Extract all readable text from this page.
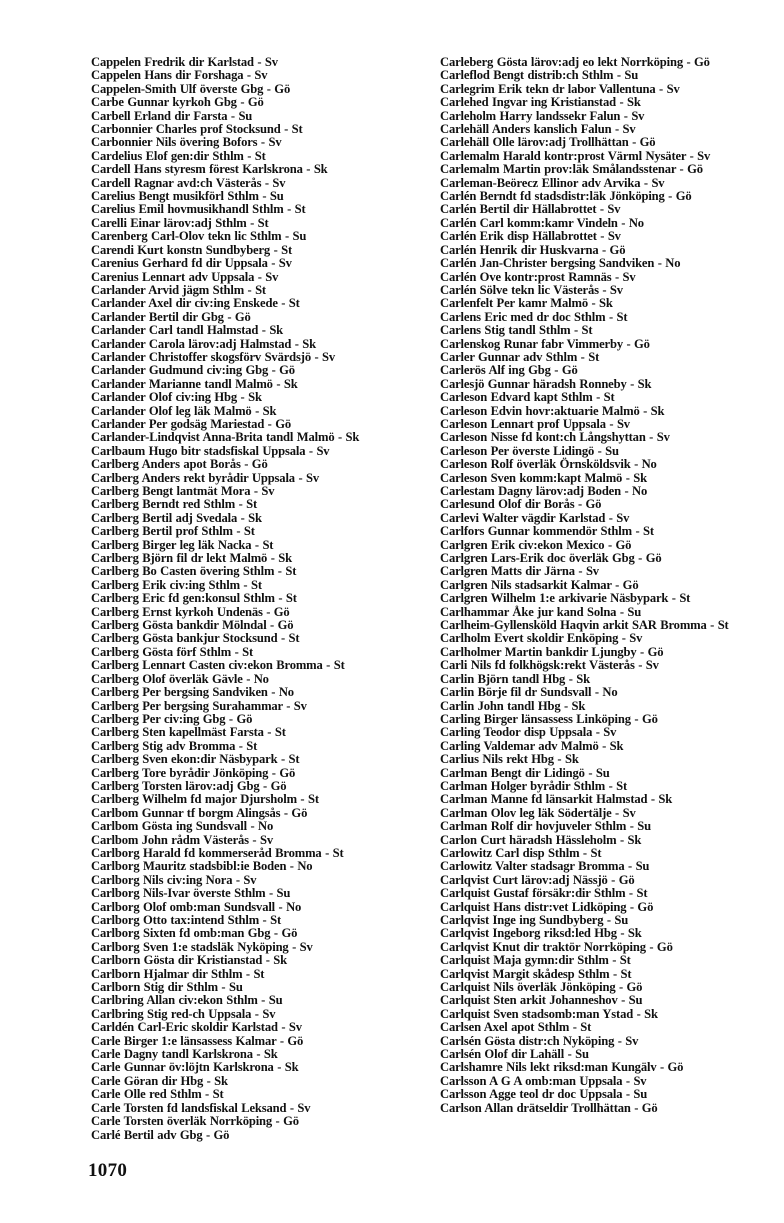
Cappelen Fredrik dir Karlstad - Sv
Cappelen Hans dir Forshaga - Sv
Cappelen-Smith Ulf överste Gbg - Gö
Carbe Gunnar kyrkoh Gbg - Gö
Carbell Erland dir Farsta - Su
Carbonnier Charles prof Stocksund - St
Carbonnier Nils övering Bofors - Sv
Cardelius Elof gen:dir Sthlm - St
Cardell Hans styresm förest Karlskrona - Sk
Cardell Ragnar avd:ch Västerås - Sv
Carelius Bengt musikförl Sthlm - Su
Carelius Emil hovmusikhandl Sthlm - St
Carelli Einar lärov:adj Sthlm - St
Carenberg Carl-Olov tekn lic Sthlm - Su
Carendi Kurt konstn Sundbyberg - St
Carenius Gerhard fd dir Uppsala - Sv
Carenius Lennart adv Uppsala - Sv
Carlander Arvid jägm Sthlm - St
Carlander Axel dir civ:ing Enskede - St
Carlander Bertil dir Gbg - Gö
Carlander Carl tandl Halmstad - Sk
Carlander Carola lärov:adj Halmstad - Sk
Carlander Christoffer skogsförv Svärdsjö - Sv
Carlander Gudmund civ:ing Gbg - Gö
Carlander Marianne tandl Malmö - Sk
Carlander Olof civ:ing Hbg - Sk
Carlander Olof leg läk Malmö - Sk
Carlander Per godsäg Mariestad - Gö
Carlander-Lindqvist Anna-Brita tandl Malmö - Sk
Carlbaum Hugo bitr stadsfiskal Uppsala - Sv
Carlberg Anders apot Borås - Gö
Carlberg Anders rekt byrådir Uppsala - Sv
Carlberg Bengt lantmät Mora - Sv
Carlberg Berndt red Sthlm - St
Carlberg Bertil adj Svedala - Sk
Carlberg Bertil prof Sthlm - St
Carlberg Birger leg läk Nacka - St
Carlberg Björn fil dr lekt Malmö - Sk
Carlberg Bo Casten övering Sthlm - St
Carlberg Erik civ:ing Sthlm - St
Carlberg Eric fd gen:konsul Sthlm - St
Carlberg Ernst kyrkoh Undenäs - Gö
Carlberg Gösta bankdir Mölndal - Gö
Carlberg Gösta bankjur Stocksund - St
Carlberg Gösta förf Sthlm - St
Carlberg Lennart Casten civ:ekon Bromma - St
Carlberg Olof överläk Gävle - No
Carlberg Per bergsing Sandviken - No
Carlberg Per bergsing Surahammar - Sv
Carlberg Per civ:ing Gbg - Gö
Carlberg Sten kapellmäst Farsta - St
Carlberg Stig adv Bromma - St
Carlberg Sven ekon:dir Näsbypark - St
Carlberg Tore byrådir Jönköping - Gö
Carlberg Torsten lärov:adj Gbg - Gö
Carlberg Wilhelm fd major Djursholm - St
Carlbom Gunnar tf borgm Alingsås - Gö
Carlbom Gösta ing Sundsvall - No
Carlbom John rådm Västerås - Sv
Carlborg Harald fd kommerseråd Bromma - St
Carlborg Mauritz stadsbibl:ie Boden - No
Carlborg Nils civ:ing Nora - Sv
Carlborg Nils-Ivar överste Sthlm - Su
Carlborg Olof omb:man Sundsvall - No
Carlborg Otto tax:intend Sthlm - St
Carlborg Sixten fd omb:man Gbg - Gö
Carlborg Sven 1:e stadsläk Nyköping - Sv
Carlborn Gösta dir Kristianstad - Sk
Carlborn Hjalmar dir Sthlm - St
Carlborn Stig dir Sthlm - Su
Carlbring Allan civ:ekon Sthlm - Su
Carlbring Stig red-ch Uppsala - Sv
Carldén Carl-Eric skoldir Karlstad - Sv
Carle Birger 1:e länsassess Kalmar - Gö
Carle Dagny tandl Karlskrona - Sk
Carle Gunnar öv:löjtn Karlskrona - Sk
Carle Göran dir Hbg - Sk
Carle Olle red Sthlm - St
Carle Torsten fd landsfiskal Leksand - Sv
Carle Torsten överläk Norrköping - Gö
Carlé Bertil adv Gbg - Gö
Carleberg Gösta lärov:adj eo lekt Norrköping - Gö
Carleflod Bengt distrib:ch Sthlm - Su
Carlegrim Erik tekn dr labor Vallentuna - Sv
Carlehed Ingvar ing Kristianstad - Sk
Carleholm Harry landssekr Falun - Sv
Carlehäll Anders kanslich Falun - Sv
Carlehäll Olle lärov:adj Trollhättan - Gö
Carlemalm Harald kontr:prost Värml Nysäter - Sv
Carlemalm Martin prov:läk Smålandsstenar - Gö
Carleman-Beörecz Ellinor adv Arvika - Sv
Carlén Berndt fd stadsdistr:läk Jönköping - Gö
Carlén Bertil dir Hällabrottet - Sv
Carlén Carl komm:kamr Vindeln - No
Carlén Erik disp Hällabrottet - Sv
Carlén Henrik dir Huskvarna - Gö
Carlén Jan-Christer bergsing Sandviken - No
Carlén Ove kontr:prost Ramnäs - Sv
Carlén Sölve tekn lic Västerås - Sv
Carlenfelt Per kamr Malmö - Sk
Carlens Eric med dr doc Sthlm - St
Carlens Stig tandl Sthlm - St
Carlenskog Runar fabr Vimmerby - Gö
Carler Gunnar adv Sthlm - St
Carlerös Alf ing Gbg - Gö
Carlesjö Gunnar häradsh Ronneby - Sk
Carleson Edvard kapt Sthlm - St
Carleson Edvin hovr:aktuarie Malmö - Sk
Carleson Lennart prof Uppsala - Sv
Carleson Nisse fd kont:ch Långshyttan - Sv
Carleson Per överste Lidingö - Su
Carleson Rolf överläk Örnsköldsvik - No
Carleson Sven komm:kapt Malmö - Sk
Carlestam Dagny lärov:adj Boden - No
Carlesund Olof dir Borås - Gö
Carlevi Walter vägdir Karlstad - Sv
Carlfors Gunnar kommendör Sthlm - St
Carlgren Erik civ:ekon Mexico - Gö
Carlgren Lars-Erik doc överläk Gbg - Gö
Carlgren Matts dir Järna - Sv
Carlgren Nils stadsarkit Kalmar - Gö
Carlgren Wilhelm 1:e arkivarie Näsbypark - St
Carlhammar Åke jur kand Solna - Su
Carlheim-Gyllensköld Haqvin arkit SAR Bromma - St
Carlholm Evert skoldir Enköping - Sv
Carlholmer Martin bankdir Ljungby - Gö
Carli Nils fd folkhögsk:rekt Västerås - Sv
Carlin Björn tandl Hbg - Sk
Carlin Börje fil dr Sundsvall - No
Carlin John tandl Hbg - Sk
Carling Birger länsassess Linköping - Gö
Carling Teodor disp Uppsala - Sv
Carling Valdemar adv Malmö - Sk
Carlius Nils rekt Hbg - Sk
Carlman Bengt dir Lidingö - Su
Carlman Holger byrådir Sthlm - St
Carlman Manne fd länsarkit Halmstad - Sk
Carlman Olov leg läk Södertälje - Sv
Carlman Rolf dir hovjuveler Sthlm - Su
Carlon Curt häradsh Hässleholm - Sk
Carlowitz Carl disp Sthlm - St
Carlowitz Valter stadsagr Bromma - Su
Carlqvist Curt lärov:adj Nässjö - Gö
Carlquist Gustaf försäkr:dir Sthlm - St
Carlquist Hans distr:vet Lidköping - Gö
Carlqvist Inge ing Sundbyberg - Su
Carlqvist Ingeborg riksd:led Hbg - Sk
Carlqvist Knut dir traktör Norrköping - Gö
Carlquist Maja gymn:dir Sthlm - St
Carlqvist Margit skådesp Sthlm - St
Carlquist Nils överläk Jönköping - Gö
Carlquist Sten arkit Johanneshov - Su
Carlquist Sven stadsomb:man Ystad - Sk
Carlsen Axel apot Sthlm - St
Carlsén Gösta distr:ch Nyköping - Sv
Carlsén Olof dir Lahäll - Su
Carlshamre Nils lekt riksd:man Kungälv - Gö
Carlsson A G A omb:man Uppsala - Sv
Carlsson Agge teol dr doc Uppsala - Su
Carlson Allan drätseldir Trollhättan - Gö
1070
